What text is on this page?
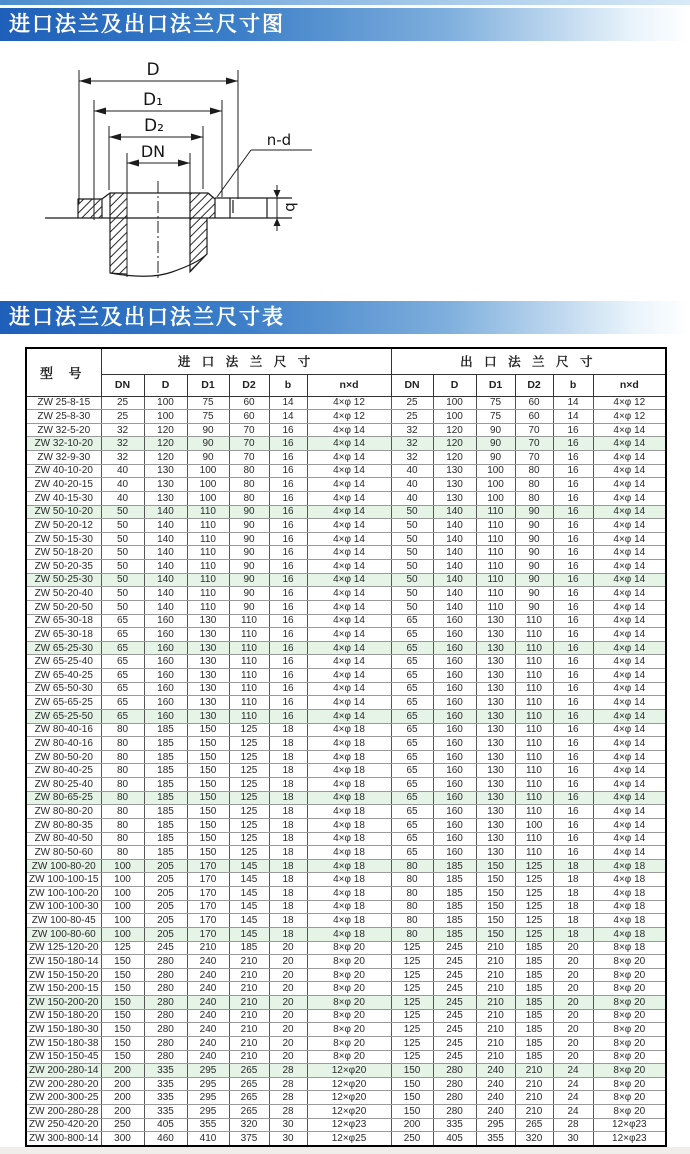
进口法兰及出口法兰尺寸图
D
D₁
D₂
DN
n-d
b
进口法兰及出口法兰尺寸表
型 号	进 口 法 兰 尺 寸						出 口 法 兰 尺 寸					
	DN	D	D1	D2	b	n×d	DN	D	D1	D2	b	n×d
ZW 25-8-15	25	100	75	60	14	4×φ 12	25	100	75	60	14	4×φ 12
ZW 25-8-30	25	100	75	60	14	4×φ 12	25	100	75	60	14	4×φ 12
ZW 32-5-20	32	120	90	70	16	4×φ 14	32	120	90	70	16	4×φ 14
ZW 32-10-20	32	120	90	70	16	4×φ 14	32	120	90	70	16	4×φ 14
ZW 32-9-30	32	120	90	70	16	4×φ 14	32	120	90	70	16	4×φ 14
ZW 40-10-20	40	130	100	80	16	4×φ 14	40	130	100	80	16	4×φ 14
ZW 40-20-15	40	130	100	80	16	4×φ 14	40	130	100	80	16	4×φ 14
ZW 40-15-30	40	130	100	80	16	4×φ 14	40	130	100	80	16	4×φ 14
ZW 50-10-20	50	140	110	90	16	4×φ 14	50	140	110	90	16	4×φ 14
ZW 50-20-12	50	140	110	90	16	4×φ 14	50	140	110	90	16	4×φ 14
ZW 50-15-30	50	140	110	90	16	4×φ 14	50	140	110	90	16	4×φ 14
ZW 50-18-20	50	140	110	90	16	4×φ 14	50	140	110	90	16	4×φ 14
ZW 50-20-35	50	140	110	90	16	4×φ 14	50	140	110	90	16	4×φ 14
ZW 50-25-30	50	140	110	90	16	4×φ 14	50	140	110	90	16	4×φ 14
ZW 50-20-40	50	140	110	90	16	4×φ 14	50	140	110	90	16	4×φ 14
ZW 50-20-50	50	140	110	90	16	4×φ 14	50	140	110	90	16	4×φ 14
ZW 65-30-18	65	160	130	110	16	4×φ 14	65	160	130	110	16	4×φ 14
ZW 65-30-18	65	160	130	110	16	4×φ 14	65	160	130	110	16	4×φ 14
ZW 65-25-30	65	160	130	110	16	4×φ 14	65	160	130	110	16	4×φ 14
ZW 65-25-40	65	160	130	110	16	4×φ 14	65	160	130	110	16	4×φ 14
ZW 65-40-25	65	160	130	110	16	4×φ 14	65	160	130	110	16	4×φ 14
ZW 65-50-30	65	160	130	110	16	4×φ 14	65	160	130	110	16	4×φ 14
ZW 65-65-25	65	160	130	110	16	4×φ 14	65	160	130	110	16	4×φ 14
ZW 65-25-50	65	160	130	110	16	4×φ 14	65	160	130	110	16	4×φ 14
ZW 80-40-16	80	185	150	125	18	4×φ 18	65	160	130	110	16	4×φ 14
ZW 80-40-16	80	185	150	125	18	4×φ 18	65	160	130	110	16	4×φ 14
ZW 80-50-20	80	185	150	125	18	4×φ 18	65	160	130	110	16	4×φ 14
ZW 80-40-25	80	185	150	125	18	4×φ 18	65	160	130	110	16	4×φ 14
ZW 80-25-40	80	185	150	125	18	4×φ 18	65	160	130	110	16	4×φ 14
ZW 80-65-25	80	185	150	125	18	4×φ 18	65	160	130	110	16	4×φ 14
ZW 80-80-20	80	185	150	125	18	4×φ 18	65	160	130	110	16	4×φ 14
ZW 80-80-35	80	185	150	125	18	4×φ 18	65	160	130	100	16	4×φ 14
ZW 80-40-50	80	185	150	125	18	4×φ 18	65	160	130	110	16	4×φ 14
ZW 80-50-60	80	185	150	125	18	4×φ 18	65	160	130	110	16	4×φ 14
ZW 100-80-20	100	205	170	145	18	4×φ 18	80	185	150	125	18	4×φ 18
ZW 100-100-15	100	205	170	145	18	4×φ 18	80	185	150	125	18	4×φ 18
ZW 100-100-20	100	205	170	145	18	4×φ 18	80	185	150	125	18	4×φ 18
ZW 100-100-30	100	205	170	145	18	4×φ 18	80	185	150	125	18	4×φ 18
ZW 100-80-45	100	205	170	145	18	4×φ 18	80	185	150	125	18	4×φ 18
ZW 100-80-60	100	205	170	145	18	4×φ 18	80	185	150	125	18	4×φ 18
ZW 125-120-20	125	245	210	185	20	8×φ 20	125	245	210	185	20	8×φ 18
ZW 150-180-14	150	280	240	210	20	8×φ 20	125	245	210	185	20	8×φ 20
ZW 150-150-20	150	280	240	210	20	8×φ 20	125	245	210	185	20	8×φ 20
ZW 150-200-15	150	280	240	210	20	8×φ 20	125	245	210	185	20	8×φ 20
ZW 150-200-20	150	280	240	210	20	8×φ 20	125	245	210	185	20	8×φ 20
ZW 150-180-20	150	280	240	210	20	8×φ 20	125	245	210	185	20	8×φ 20
ZW 150-180-30	150	280	240	210	20	8×φ 20	125	245	210	185	20	8×φ 20
ZW 150-180-38	150	280	240	210	20	8×φ 20	125	245	210	185	20	8×φ 20
ZW 150-150-45	150	280	240	210	20	8×φ 20	125	245	210	185	20	8×φ 20
ZW 200-280-14	200	335	295	265	28	12×φ20	150	280	240	210	24	8×φ 20
ZW 200-280-20	200	335	295	265	28	12×φ20	150	280	240	210	24	8×φ 20
ZW 200-300-25	200	335	295	265	28	12×φ20	150	280	240	210	24	8×φ 20
ZW 200-280-28	200	335	295	265	28	12×φ20	150	280	240	210	24	8×φ 20
ZW 250-420-20	250	405	355	320	30	12×φ23	200	335	295	265	28	12×φ23
ZW 300-800-14	300	460	410	375	30	12×φ25	250	405	355	320	30	12×φ23
